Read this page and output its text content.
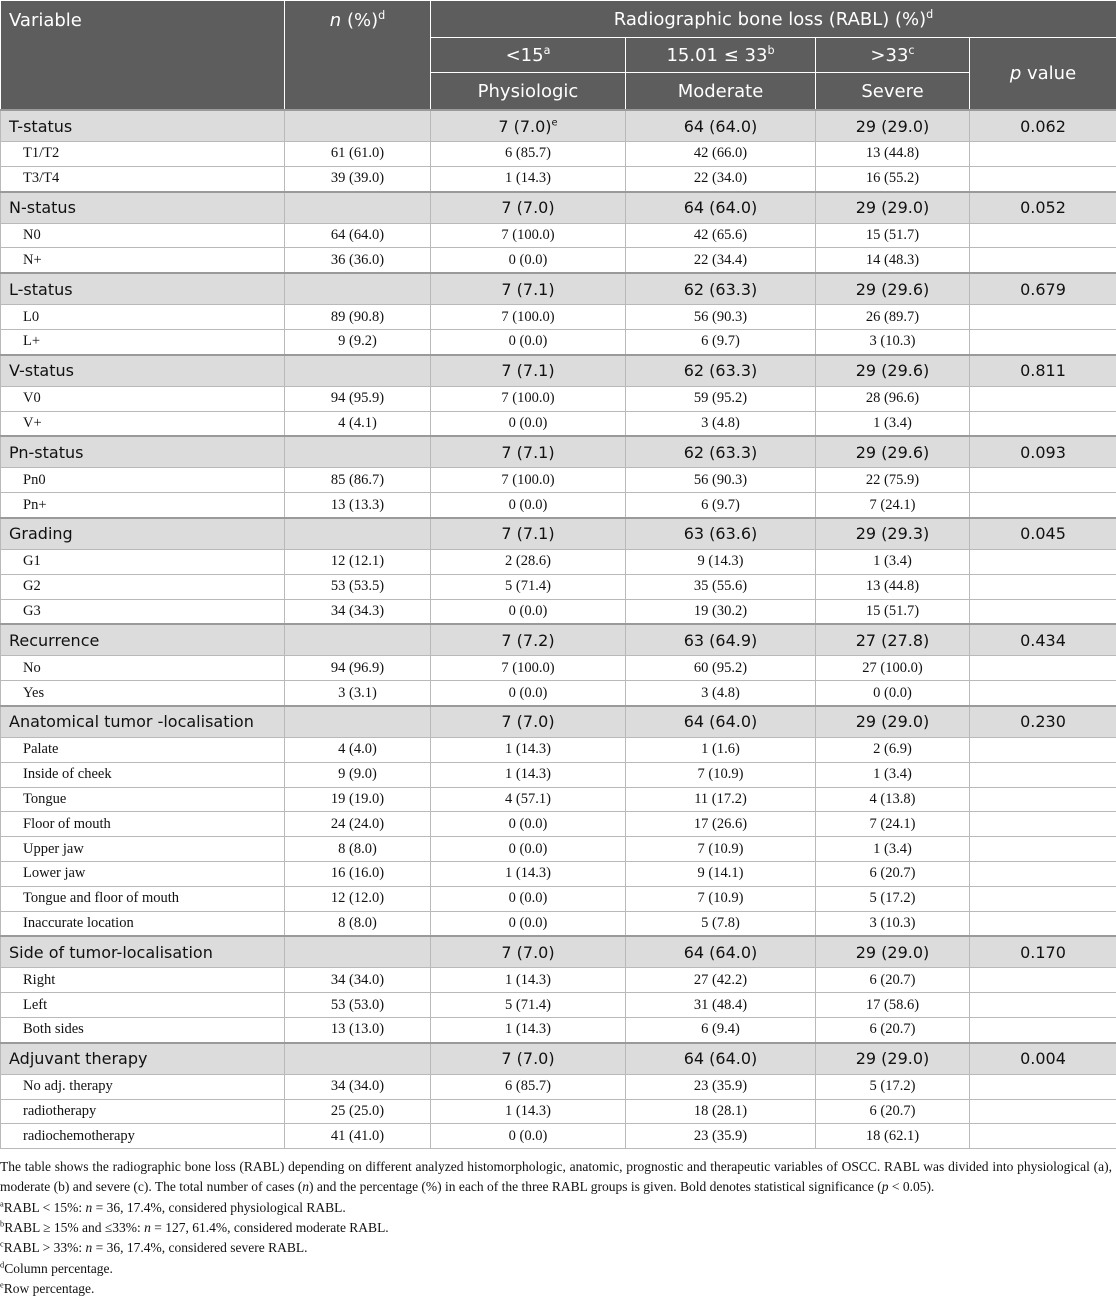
Variable	n (%)$^d$	Radiographic bone loss (RABL) (%)$^d$
		$<15^a$	$15.01 \le 33^b$	$>33^c$	p value
		Physiologic	Moderate	Severe	
T-status		7 $(7.0)^e$	64 (64.0)	29 (29.0)	0.062
T1/T2	61 (61.0)	6 (85.7)	42 (66.0)	13 (44.8)	
T3/T4	39 (39.0)	1 (14.3)	22 (34.0)	16 (55.2)	
N-status		7 (7.0)	64 (64.0)	29 (29.0)	0.052
N0	64 (64.0)	7 (100.0)	42 (65.6)	15 (51.7)	
N+	36 (36.0)	0 (0.0)	22 (34.4)	14 (48.3)	
L-status		7 (7.1)	62 (63.3)	29 (29.6)	0.679
L0	89 (90.8)	7 (100.0)	56 (90.3)	26 (89.7)	
L+	9 (9.2)	0 (0.0)	6 (9.7)	3 (10.3)	
V-status		7 (7.1)	62 (63.3)	29 (29.6)	0.811
V0	94 (95.9)	7 (100.0)	59 (95.2)	28 (96.6)	
V+	4 (4.1)	0 (0.0)	3 (4.8)	1 (3.4)	
Pn-status		7 (7.1)	62 (63.3)	29 (29.6)	0.093
Pn0	85 (86.7)	7 (100.0)	56 (90.3)	22 (75.9)	
Pn+	13 (13.3)	0 (0.0)	6 (9.7)	7 (24.1)	
Grading		7 (7.1)	63 (63.6)	29 (29.3)	0.045
G1	12 (12.1)	2 (28.6)	9 (14.3)	1 (3.4)	
G2	53 (53.5)	5 (71.4)	35 (55.6)	13 (44.8)	
G3	34 (34.3)	0 (0.0)	19 (30.2)	15 (51.7)	
Recurrence		7 (7.2)	63 (64.9)	27 (27.8)	0.434
No	94 (96.9)	7 (100.0)	60 (95.2)	27 (100.0)	
Yes	3 (3.1)	0 (0.0)	3 (4.8)	0 (0.0)	
Anatomical tumor -localisation		7 (7.0)	64 (64.0)	29 (29.0)	0.230
Palate	4 (4.0)	1 (14.3)	1 (1.6)	2 (6.9)	
Inside of cheek	9 (9.0)	1 (14.3)	7 (10.9)	1 (3.4)	
Tongue	19 (19.0)	4 (57.1)	11 (17.2)	4 (13.8)	
Floor of mouth	24 (24.0)	0 (0.0)	17 (26.6)	7 (24.1)	
Upper jaw	8 (8.0)	0 (0.0)	7 (10.9)	1 (3.4)	
Lower jaw	16 (16.0)	1 (14.3)	9 (14.1)	6 (20.7)	
Tongue and floor of mouth	12 (12.0)	0 (0.0)	7 (10.9)	5 (17.2)	
Inaccurate location	8 (8.0)	0 (0.0)	5 (7.8)	3 (10.3)	
Side of tumor-localisation		7 (7.0)	64 (64.0)	29 (29.0)	0.170
Right	34 (34.0)	1 (14.3)	27 (42.2)	6 (20.7)	
Left	53 (53.0)	5 (71.4)	31 (48.4)	17 (58.6)	
Both sides	13 (13.0)	1 (14.3)	6 (9.4)	6 (20.7)	
Adjuvant therapy		7 (7.0)	64 (64.0)	29 (29.0)	0.004
No adj. therapy	34 (34.0)	6 (85.7)	23 (35.9)	5 (17.2)	
radiotherapy	25 (25.0)	1 (14.3)	18 (28.1)	6 (20.7)	
radiochemotherapy	41 (41.0)	0 (0.0)	23 (35.9)	18 (62.1)	

The table shows the radiographic bone loss (RABL) depending on different analyzed histomorphologic, anatomic, prognostic and therapeutic variables of OSCC. RABL was divided into physiological (a), moderate (b) and severe (c). The total number of cases (n) and the percentage (%) in each of the three RABL groups is given. Bold denotes statistical significance (p < 0.05).

$^a$RABL < 15%: n = 36, 17.4%, considered physiological RABL.

$^b$RABL ≥ 15% and ≤33%: n = 127, 61.4%, considered moderate RABL.

$^c$RABL > 33%: n = 36, 17.4%, considered severe RABL.

$^d$Column percentage.

$^e$Row percentage.
